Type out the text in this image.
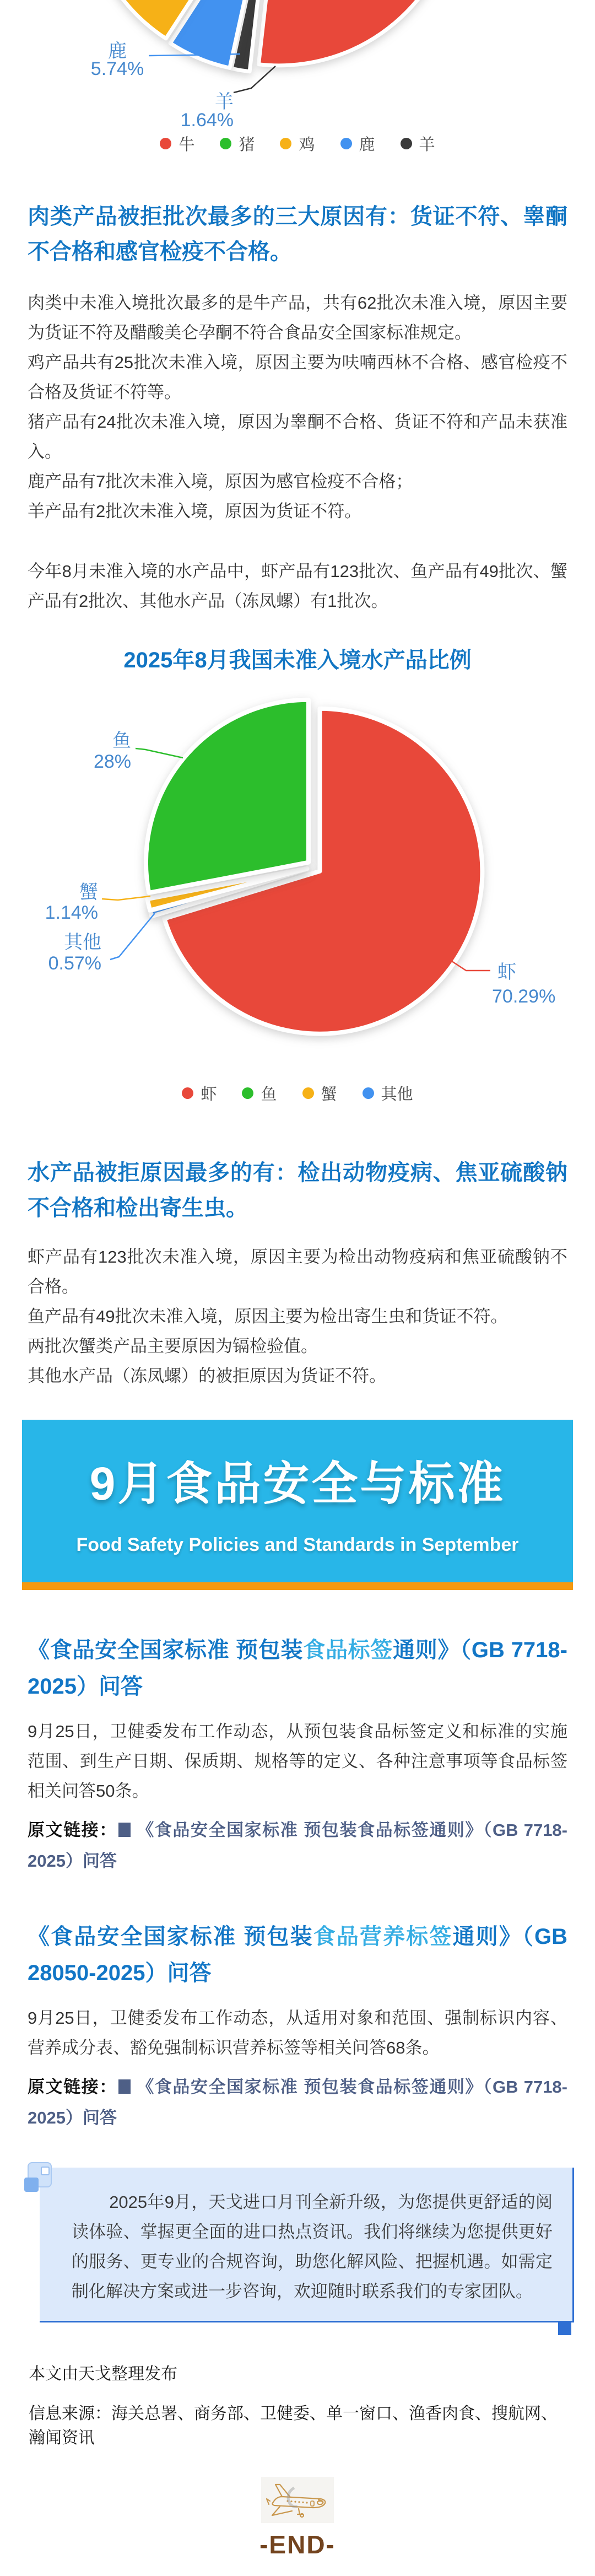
鹿
5.74%
羊
1.64%
牛	猪	鸡	鹿	羊
肉类产品被拒批次最多的三大原因有：货证不符、睾酮不合格和感官检疫不合格。

肉类中未准入境批次最多的是牛产品，共有62批次未准入境，原因主要为货证不符及醋酸美仑孕酮不符合食品安全国家标准规定。

鸡产品共有25批次未准入境，原因主要为呋喃西林不合格、感官检疫不合格及货证不符等。

猪产品有24批次未准入境，原因为睾酮不合格、货证不符和产品未获准入。

鹿产品有7批次未准入境，原因为感官检疫不合格；

羊产品有2批次未准入境，原因为货证不符。

今年8月未准入境的水产品中，虾产品有123批次、鱼产品有49批次、蟹产品有2批次、其他水产品（冻凤螺）有1批次。

2025年8月我国未准入境水产品比例
鱼
28%
蟹
1.14%
其他
0.57%	虾
70.29%
虾	鱼	蟹	其他
水产品被拒原因最多的有：检出动物疫病、焦亚硫酸钠不合格和检出寄生虫。

虾产品有123批次未准入境，原因主要为检出动物疫病和焦亚硫酸钠不合格。

鱼产品有49批次未准入境，原因主要为检出寄生虫和货证不符。

两批次蟹类产品主要原因为镉检验值。

其他水产品（冻凤螺）的被拒原因为货证不符。

9月食品安全与标准
Food Safety Policies and Standards in September
《食品安全国家标准 预包装食品标签通则》（GB 7718-2025）问答

9月25日，卫健委发布工作动态，从预包装食品标签定义和标准的实施范围、到生产日期、保质期、规格等的定义、各种注意事项等食品标签相关问答50条。

原文链接： 《食品安全国家标准 预包装食品标签通则》（GB 7718-2025）问答

《食品安全国家标准 预包装食品营养标签通则》（GB 28050-2025）问答

9月25日，卫健委发布工作动态，从适用对象和范围、强制标识内容、营养成分表、豁免强制标识营养标签等相关问答68条。

原文链接： 《食品安全国家标准 预包装食品标签通则》（GB 7718-2025）问答

2025年9月，天戈进口月刊全新升级，为您提供更舒适的阅读体验、掌握更全面的进口热点资讯。我们将继续为您提供更好的服务、更专业的合规咨询，助您化解风险、把握机遇。如需定制化解决方案或进一步咨询，欢迎随时联系我们的专家团队。

本文由天戈整理发布

信息来源：海关总署、商务部、卫健委、单一窗口、渔香肉食、搜航网、瀚闻资讯

-END-
